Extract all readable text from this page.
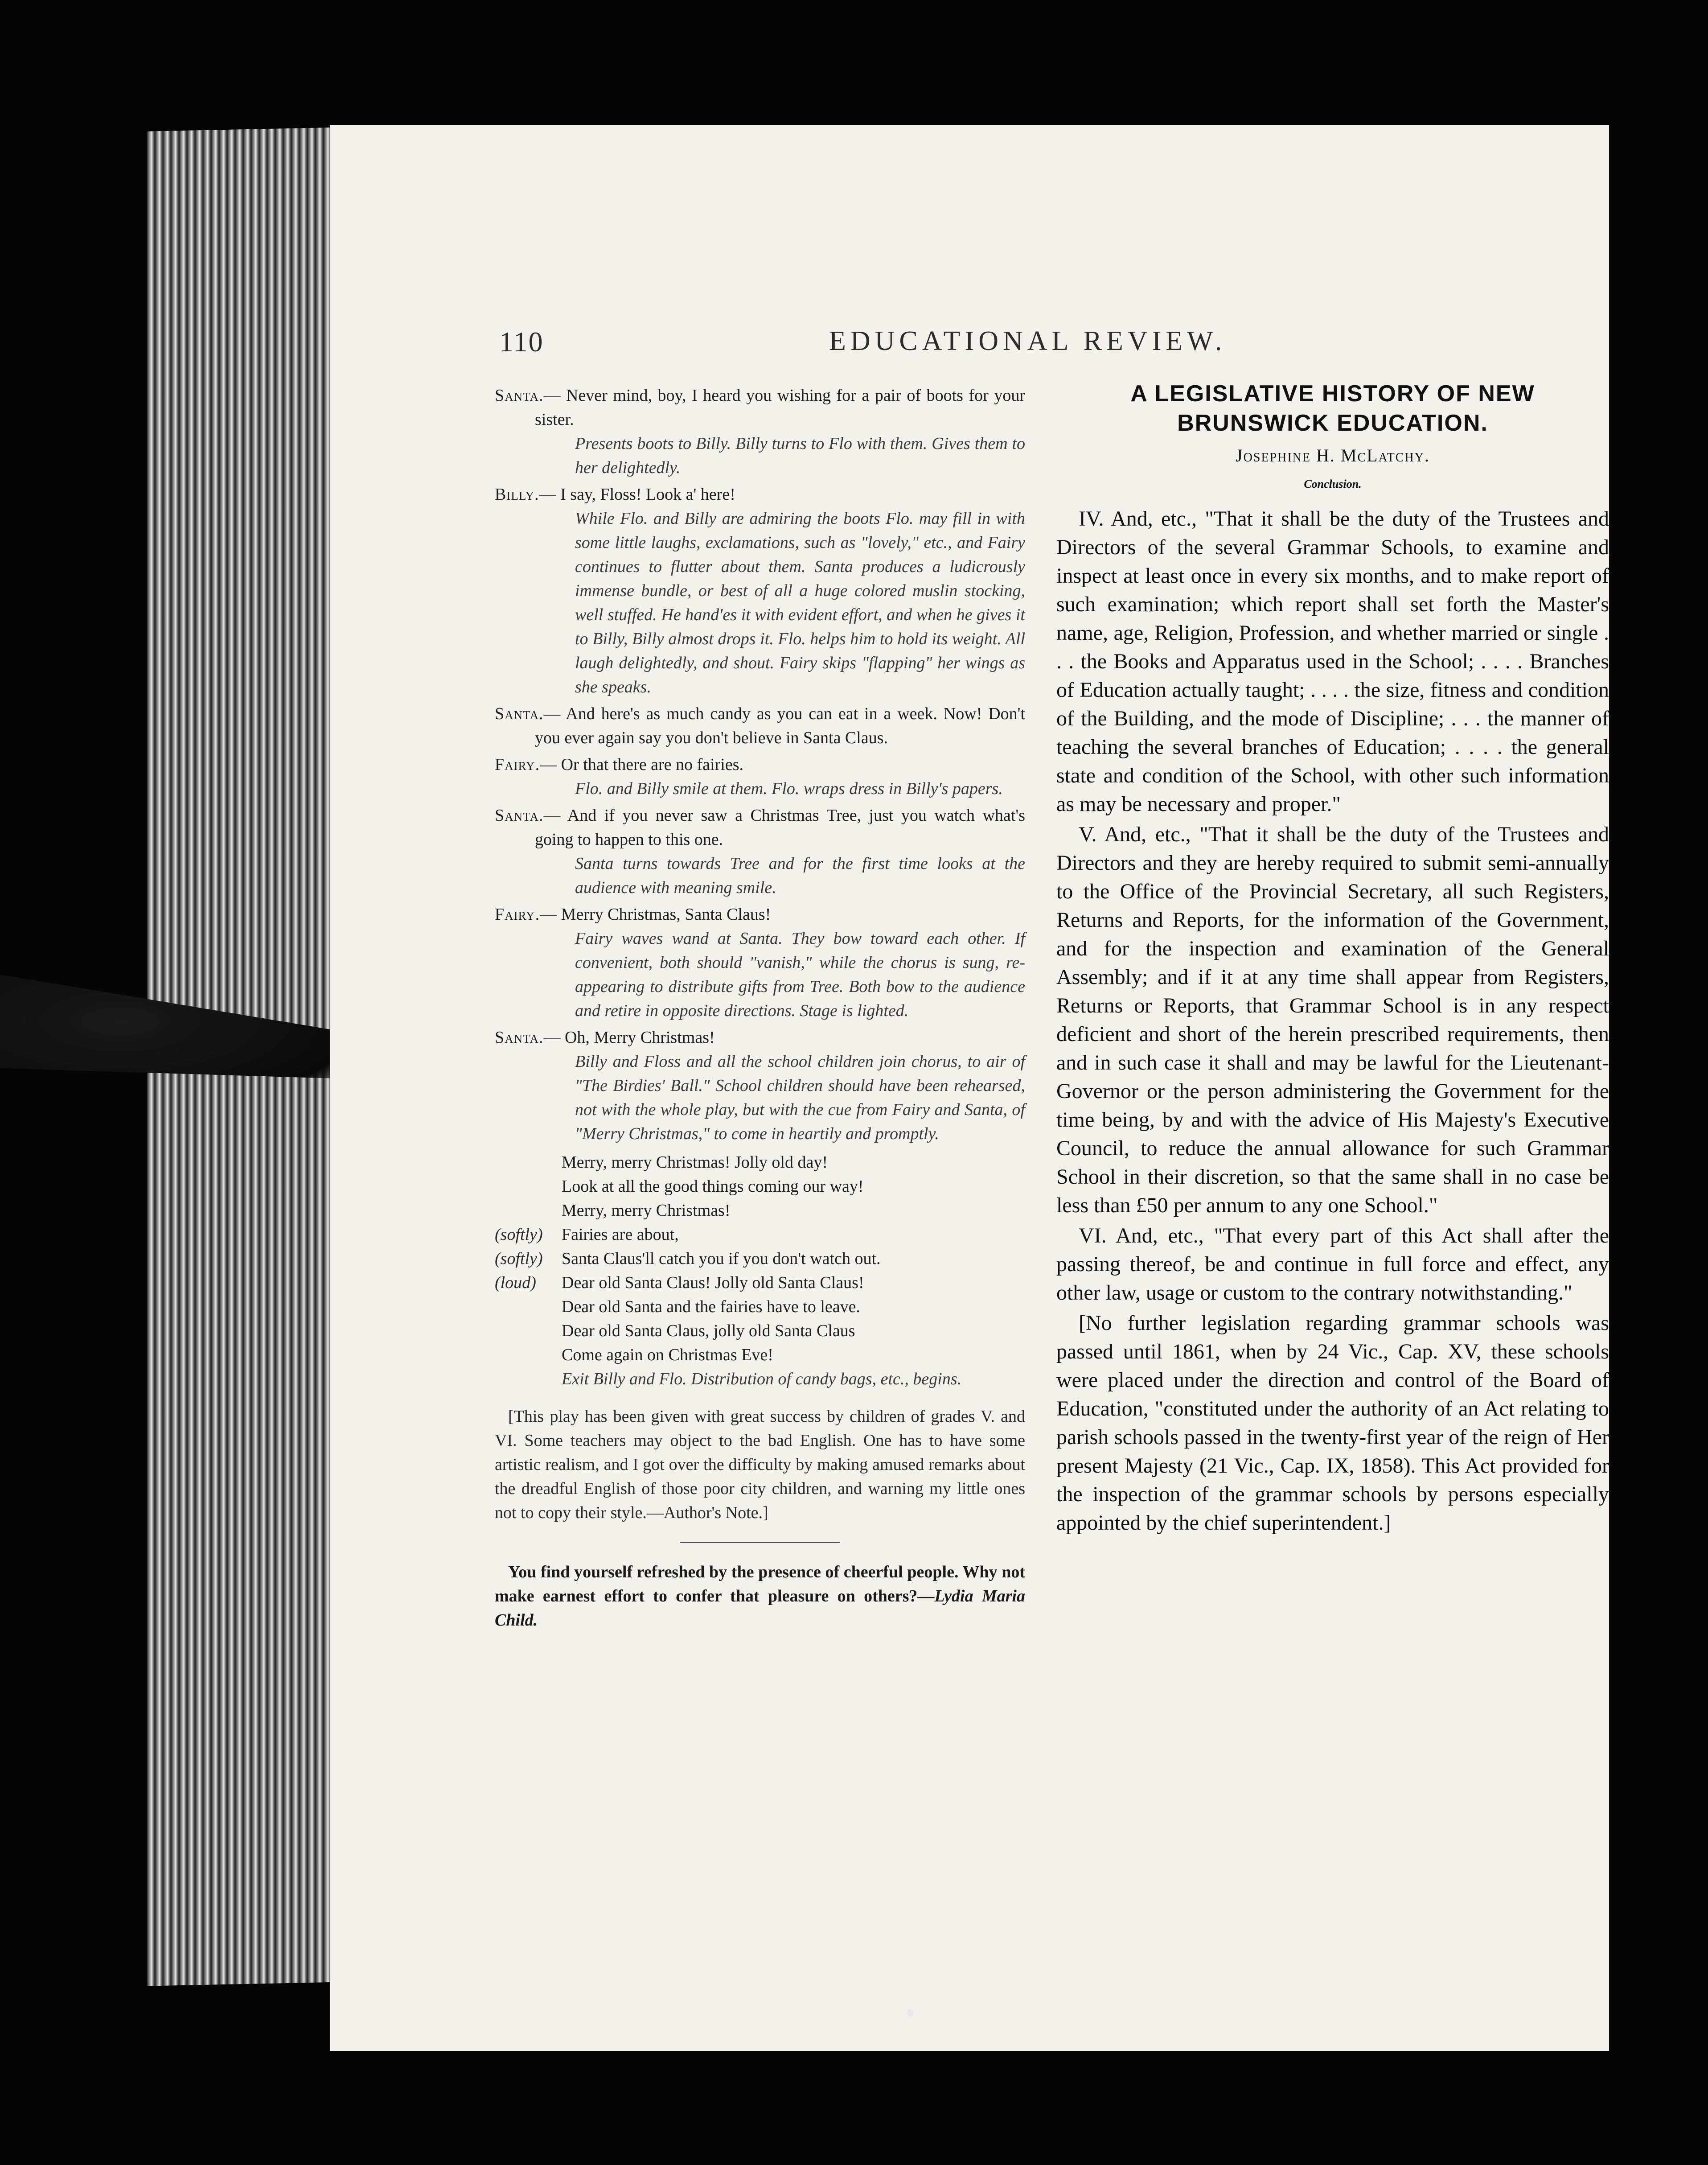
110	EDUCATIONAL REVIEW.
Santa.— Never mind, boy, I heard you wishing for a pair of boots for your sister.
Presents boots to Billy. Billy turns to Flo with them. Gives them to her delightedly.
Billy.— I say, Floss! Look a' here!
While Flo. and Billy are admiring the boots Flo. may fill in with some little laughs, exclamations, such as "lovely," etc., and Fairy continues to flutter about them. Santa produces a ludicrously immense bundle, or best of all a huge colored muslin stocking, well stuffed. He hand'es it with evident effort, and when he gives it to Billy, Billy almost drops it. Flo. helps him to hold its weight. All laugh delightedly, and shout. Fairy skips "flapping" her wings as she speaks.
Santa.— And here's as much candy as you can eat in a week. Now! Don't you ever again say you don't believe in Santa Claus.
Fairy.— Or that there are no fairies.
Flo. and Billy smile at them. Flo. wraps dress in Billy's papers.
Santa.— And if you never saw a Christmas Tree, just you watch what's going to happen to this one.
Santa turns towards Tree and for the first time looks at the audience with meaning smile.
Fairy.— Merry Christmas, Santa Claus!
Fairy waves wand at Santa. They bow toward each other. If convenient, both should "vanish," while the chorus is sung, re-appearing to distribute gifts from Tree. Both bow to the audience and retire in opposite directions. Stage is lighted.
Santa.— Oh, Merry Christmas!
Billy and Floss and all the school children join chorus, to air of "The Birdies' Ball." School children should have been rehearsed, not with the whole play, but with the cue from Fairy and Santa, of "Merry Christmas," to come in heartily and promptly.
Merry, merry Christmas! Jolly old day!
Look at all the good things coming our way!
Merry, merry Christmas!
(softly) Fairies are about,
(softly) Santa Claus'll catch you if you don't watch out.
(loud) Dear old Santa Claus! Jolly old Santa Claus!
Dear old Santa and the fairies have to leave.
Dear old Santa Claus, jolly old Santa Claus
Come again on Christmas Eve!
Exit Billy and Flo. Distribution of candy bags, etc., begins.

[This play has been given with great success by children of grades V. and VI. Some teachers may object to the bad English. One has to have some artistic realism, and I got over the difficulty by making amused remarks about the dreadful English of those poor city children, and warning my little ones not to copy their style.—Author's Note.]

You find yourself refreshed by the presence of cheerful people. Why not make earnest effort to confer that pleasure on others?—Lydia Maria Child.

A LEGISLATIVE HISTORY OF NEW BRUNSWICK EDUCATION.
Josephine H. McLatchy.
Conclusion.

IV. And, etc., "That it shall be the duty of the Trustees and Directors of the several Grammar Schools, to examine and inspect at least once in every six months, and to make report of such examination; which report shall set forth the Master's name, age, Religion, Profession, and whether married or single . . . the Books and Apparatus used in the School; . . . . Branches of Education actually taught; . . . . the size, fitness and condition of the Building, and the mode of Discipline; . . . the manner of teaching the several branches of Education; . . . . the general state and condition of the School, with other such information as may be necessary and proper."

V. And, etc., "That it shall be the duty of the Trustees and Directors and they are hereby required to submit semi-annually to the Office of the Provincial Secretary, all such Registers, Returns and Reports, for the information of the Government, and for the inspection and examination of the General Assembly; and if it at any time shall appear from Registers, Returns or Reports, that Grammar School is in any respect deficient and short of the herein prescribed requirements, then and in such case it shall and may be lawful for the Lieutenant-Governor or the person administering the Government for the time being, by and with the advice of His Majesty's Executive Council, to reduce the annual allowance for such Grammar School in their discretion, so that the same shall in no case be less than £50 per annum to any one School."

VI. And, etc., "That every part of this Act shall after the passing thereof, be and continue in full force and effect, any other law, usage or custom to the contrary notwithstanding."

[No further legislation regarding grammar schools was passed until 1861, when by 24 Vic., Cap. XV, these schools were placed under the direction and control of the Board of Education, "constituted under the authority of an Act relating to parish schools passed in the twenty-first year of the reign of Her present Majesty (21 Vic., Cap. IX, 1858). This Act provided for the inspection of the grammar schools by persons especially appointed by the chief superintendent.]
